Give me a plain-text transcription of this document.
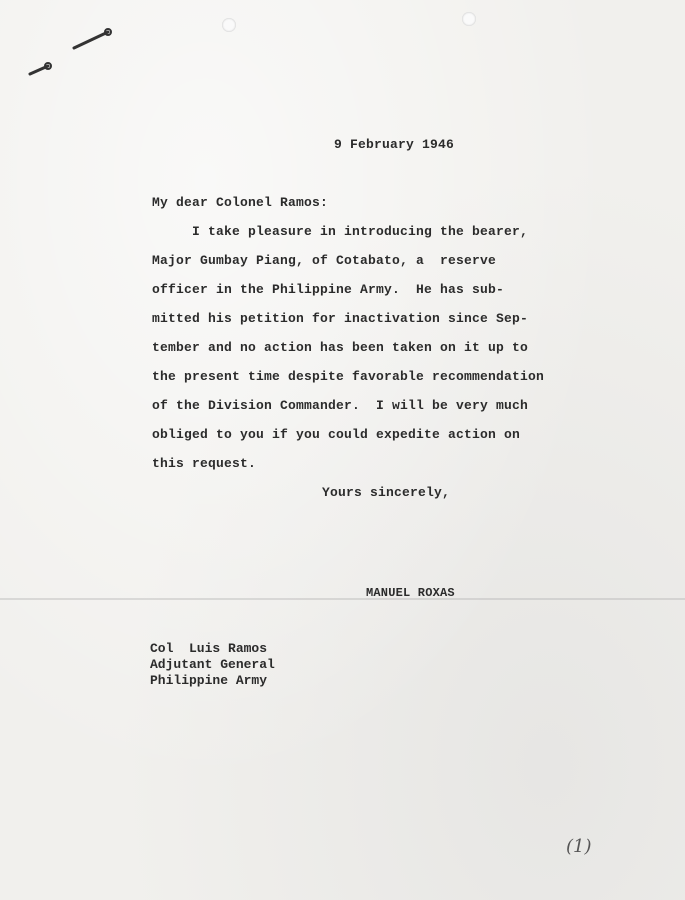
9 February 1946
My dear Colonel Ramos:
I take pleasure in introducing the bearer,
Major Gumbay Piang, of Cotabato, a  reserve
officer in the Philippine Army.  He has sub-
mitted his petition for inactivation since Sep-
tember and no action has been taken on it up to
the present time despite favorable recommendation
of the Division Commander.  I will be very much
obliged to you if you could expedite action on
this request.
Yours sincerely,
MANUEL ROXAS
Col  Luis Ramos
Adjutant General
Philippine Army
(1)
